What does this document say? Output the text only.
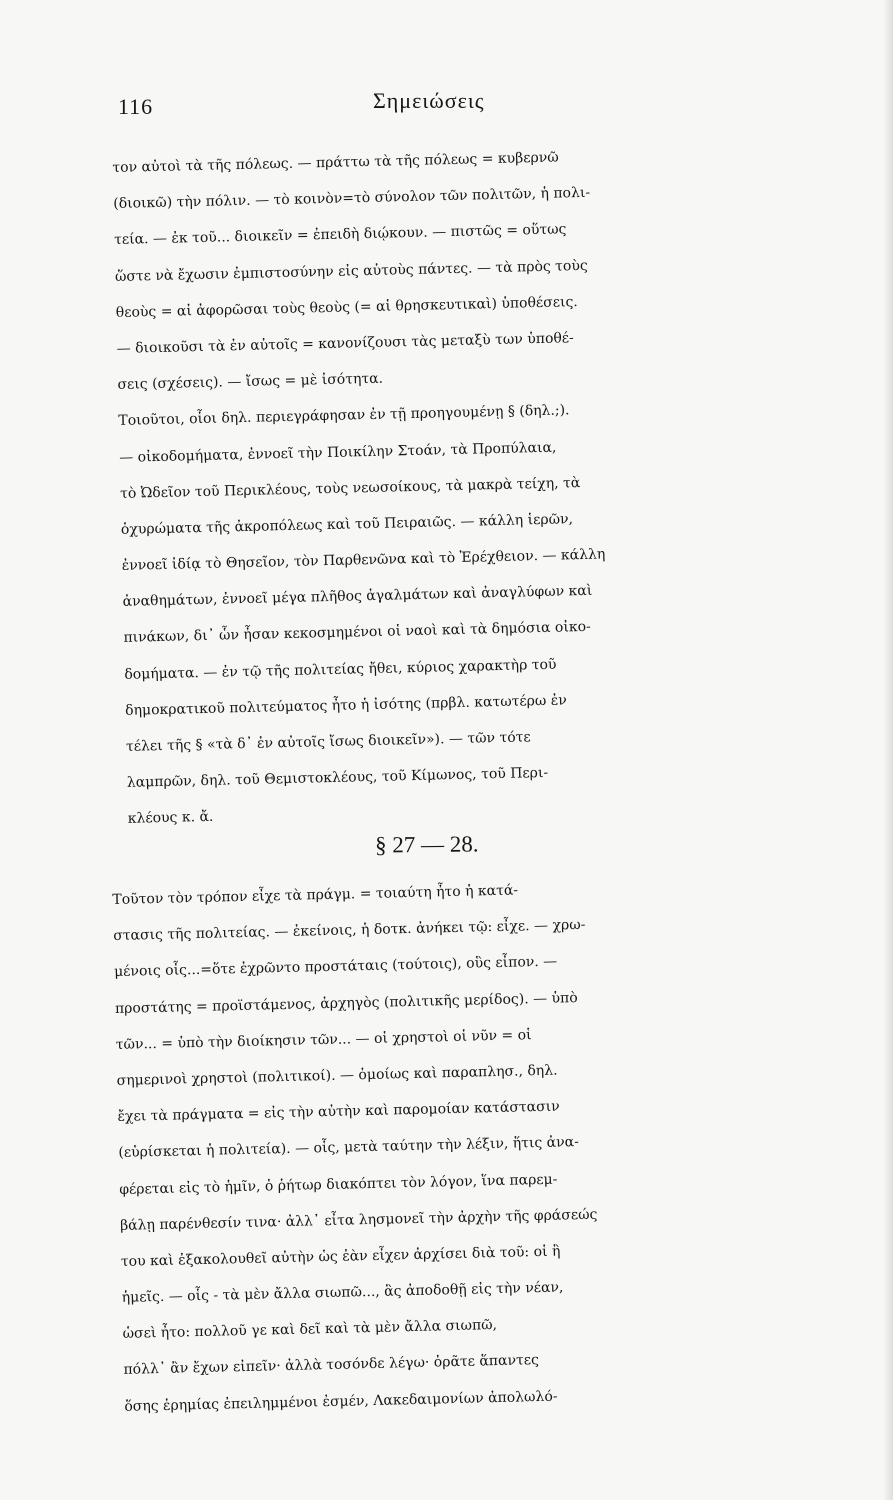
116	Σημειώσεις
τον αὐτοὶ τὰ τῆς πόλεως. — πράττω τὰ τῆς πόλεως = κυβερνῶ
(διοικῶ) τὴν πόλιν. — τὸ κοινὸν=τὸ σύνολον τῶν πολιτῶν, ἡ πολι-
τεία. — ἐκ τοῦ... διοικεῖν = ἐπειδὴ διῴκουν. — πιστῶς = οὕτως
ὥστε νὰ ἔχωσιν ἐμπιστοσύνην εἰς αὐτοὺς πάντες. — τὰ πρὸς τοὺς
θεοὺς = αἱ ἀφορῶσαι τοὺς θεοὺς (= αἱ θρησκευτικαὶ) ὑποθέσεις.
— διοικοῦσι τὰ ἐν αὐτοῖς = κανονίζουσι τὰς μεταξὺ των ὑποθέ-
σεις (σχέσεις). — ἴσως = μὲ ἰσότητα.
Τοιοῦτοι, οἷοι δηλ. περιεγράφησαν ἐν τῇ προηγουμένῃ § (δηλ.;).
— οἰκοδομήματα, ἐννοεῖ τὴν Ποικίλην Στοάν, τὰ Προπύλαια,
τὸ Ὠδεῖον τοῦ Περικλέους, τοὺς νεωσοίκους, τὰ μακρὰ τείχη, τὰ
ὀχυρώματα τῆς ἀκροπόλεως καὶ τοῦ Πειραιῶς. — κάλλη ἱερῶν,
ἐννοεῖ ἰδίᾳ τὸ Θησεῖον, τὸν Παρθενῶνα καὶ τὸ Ἐρέχθειον. — κάλλη
ἀναθημάτων, ἐννοεῖ μέγα πλῆθος ἀγαλμάτων καὶ ἀναγλύφων καὶ
πινάκων, δι᾽ ὧν ἦσαν κεκοσμημένοι οἱ ναοὶ καὶ τὰ δημόσια οἰκο-
δομήματα. — ἐν τῷ τῆς πολιτείας ἤθει, κύριος χαρακτὴρ τοῦ
δημοκρατικοῦ πολιτεύματος ἦτο ἡ ἰσότης (πρβλ. κατωτέρω ἐν
τέλει τῆς § «τὰ δ᾽ ἐν αὐτοῖς ἴσως διοικεῖν»). — τῶν τότε
λαμπρῶν, δηλ. τοῦ Θεμιστοκλέους, τοῦ Κίμωνος, τοῦ Περι-
κλέους κ. ἄ.
§ 27 — 28.
Τοῦτον τὸν τρόπον εἶχε τὰ πράγμ. = τοιαύτη ἦτο ἡ κατά-
στασις τῆς πολιτείας. — ἐκείνοις, ἡ δοτκ. ἀνήκει τῷ: εἶχε. — χρω-
μένοις οἷς...=ὅτε ἐχρῶντο προστάταις (τούτοις), οὓς εἶπον. —
προστάτης = προϊστάμενος, ἀρχηγὸς (πολιτικῆς μερίδος). — ὑπὸ
τῶν... = ὑπὸ τὴν διοίκησιν τῶν... — οἱ χρηστοὶ οἱ νῦν = οἱ
σημερινοὶ χρηστοὶ (πολιτικοί). — ὁμοίως καὶ παραπλησ., δηλ.
ἔχει τὰ πράγματα = εἰς τὴν αὐτὴν καὶ παρομοίαν κατάστασιν
(εὑρίσκεται ἡ πολιτεία). — οἷς, μετὰ ταύτην τὴν λέξιν, ἥτις ἀνα-
φέρεται εἰς τὸ ἡμῖν, ὁ ῥήτωρ διακόπτει τὸν λόγον, ἵνα παρεμ-
βάλῃ παρένθεσίν τινα· ἀλλ᾽ εἶτα λησμονεῖ τὴν ἀρχὴν τῆς φράσεώς
του καὶ ἐξακολουθεῖ αὐτὴν ὡς ἐὰν εἶχεν ἀρχίσει διὰ τοῦ: οἱ ἢ
ἡμεῖς. — οἷς - τὰ μὲν ἄλλα σιωπῶ..., ἃς ἀποδοθῇ εἰς τὴν νέαν,
ὡσεὶ ἦτο: πολλοῦ γε καὶ δεῖ καὶ τὰ μὲν ἄλλα σιωπῶ,
πόλλ᾽ ἂν ἔχων εἰπεῖν· ἀλλὰ τοσόνδε λέγω· ὁρᾶτε ἅπαντες
ὅσης ἐρημίας ἐπειλημμένοι ἐσμέν, Λακεδαιμονίων ἀπολωλό-
